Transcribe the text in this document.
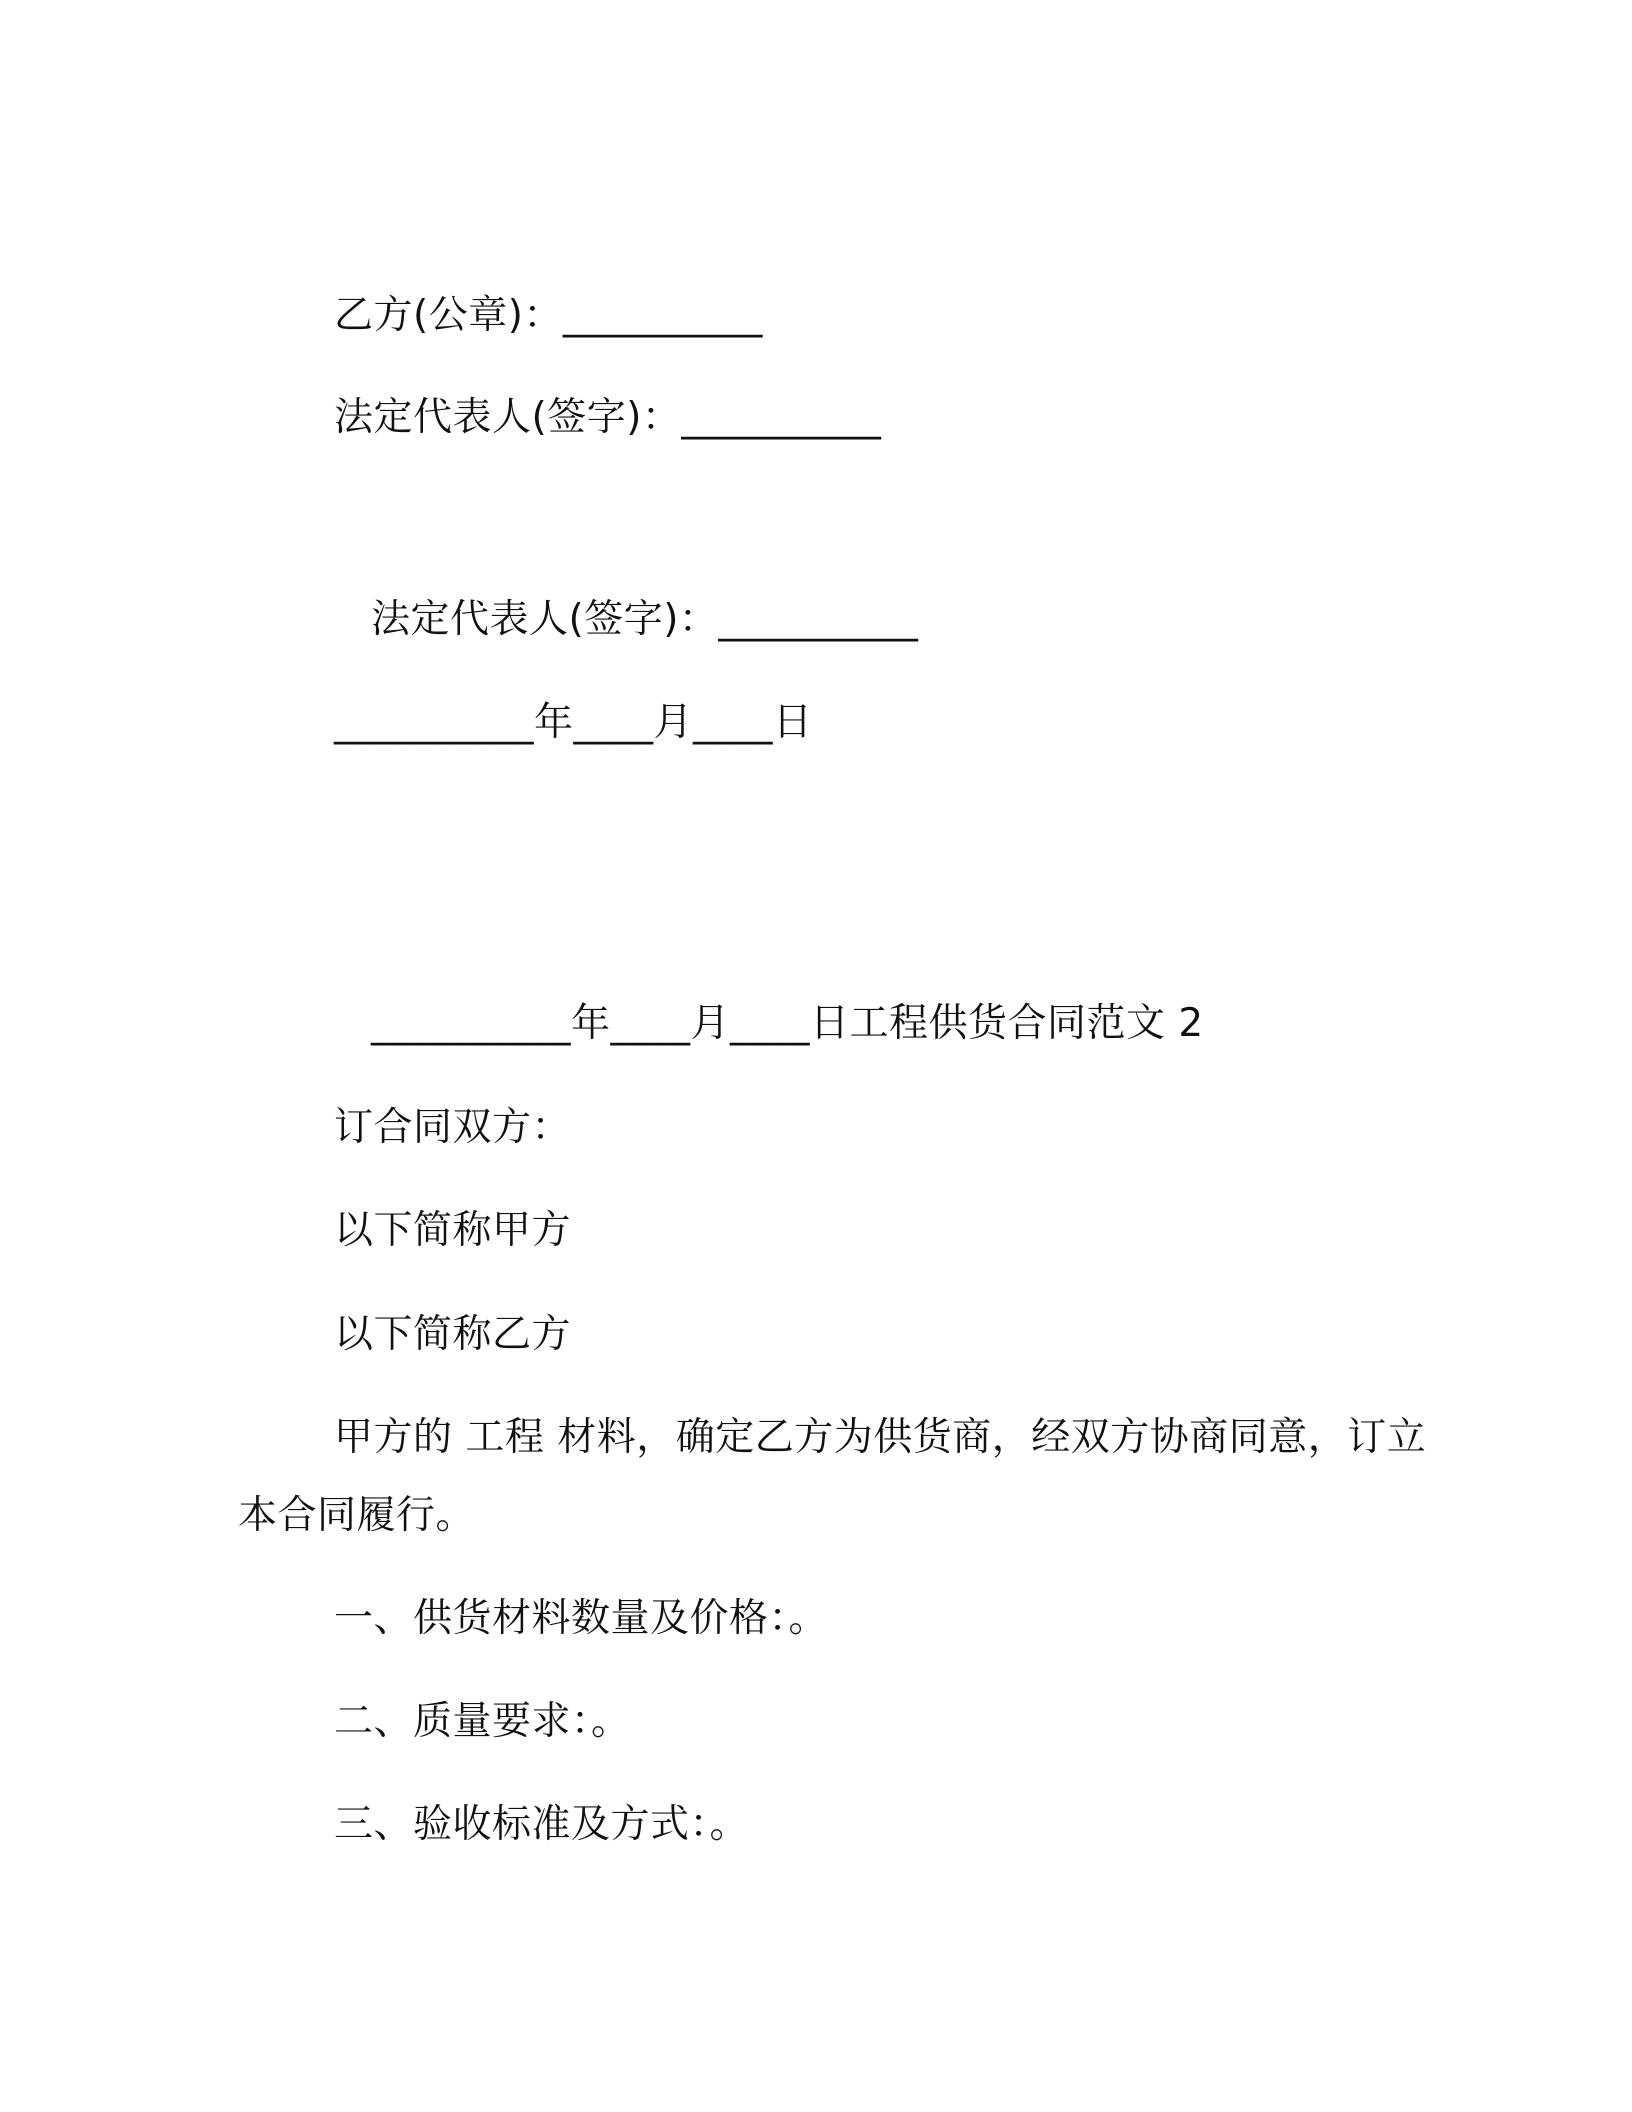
乙方(公章)：__________
法定代表人(签字)：__________
法定代表人(签字)：__________
__________年____月____日
__________年____月____日工程供货合同范文 2
订合同双方：
以下简称甲方
以下简称乙方
甲方的 工程 材料，确定乙方为供货商，经双方协商同意，订立
本合同履行。
一、供货材料数量及价格：。
二、质量要求：。
三、验收标准及方式：。
